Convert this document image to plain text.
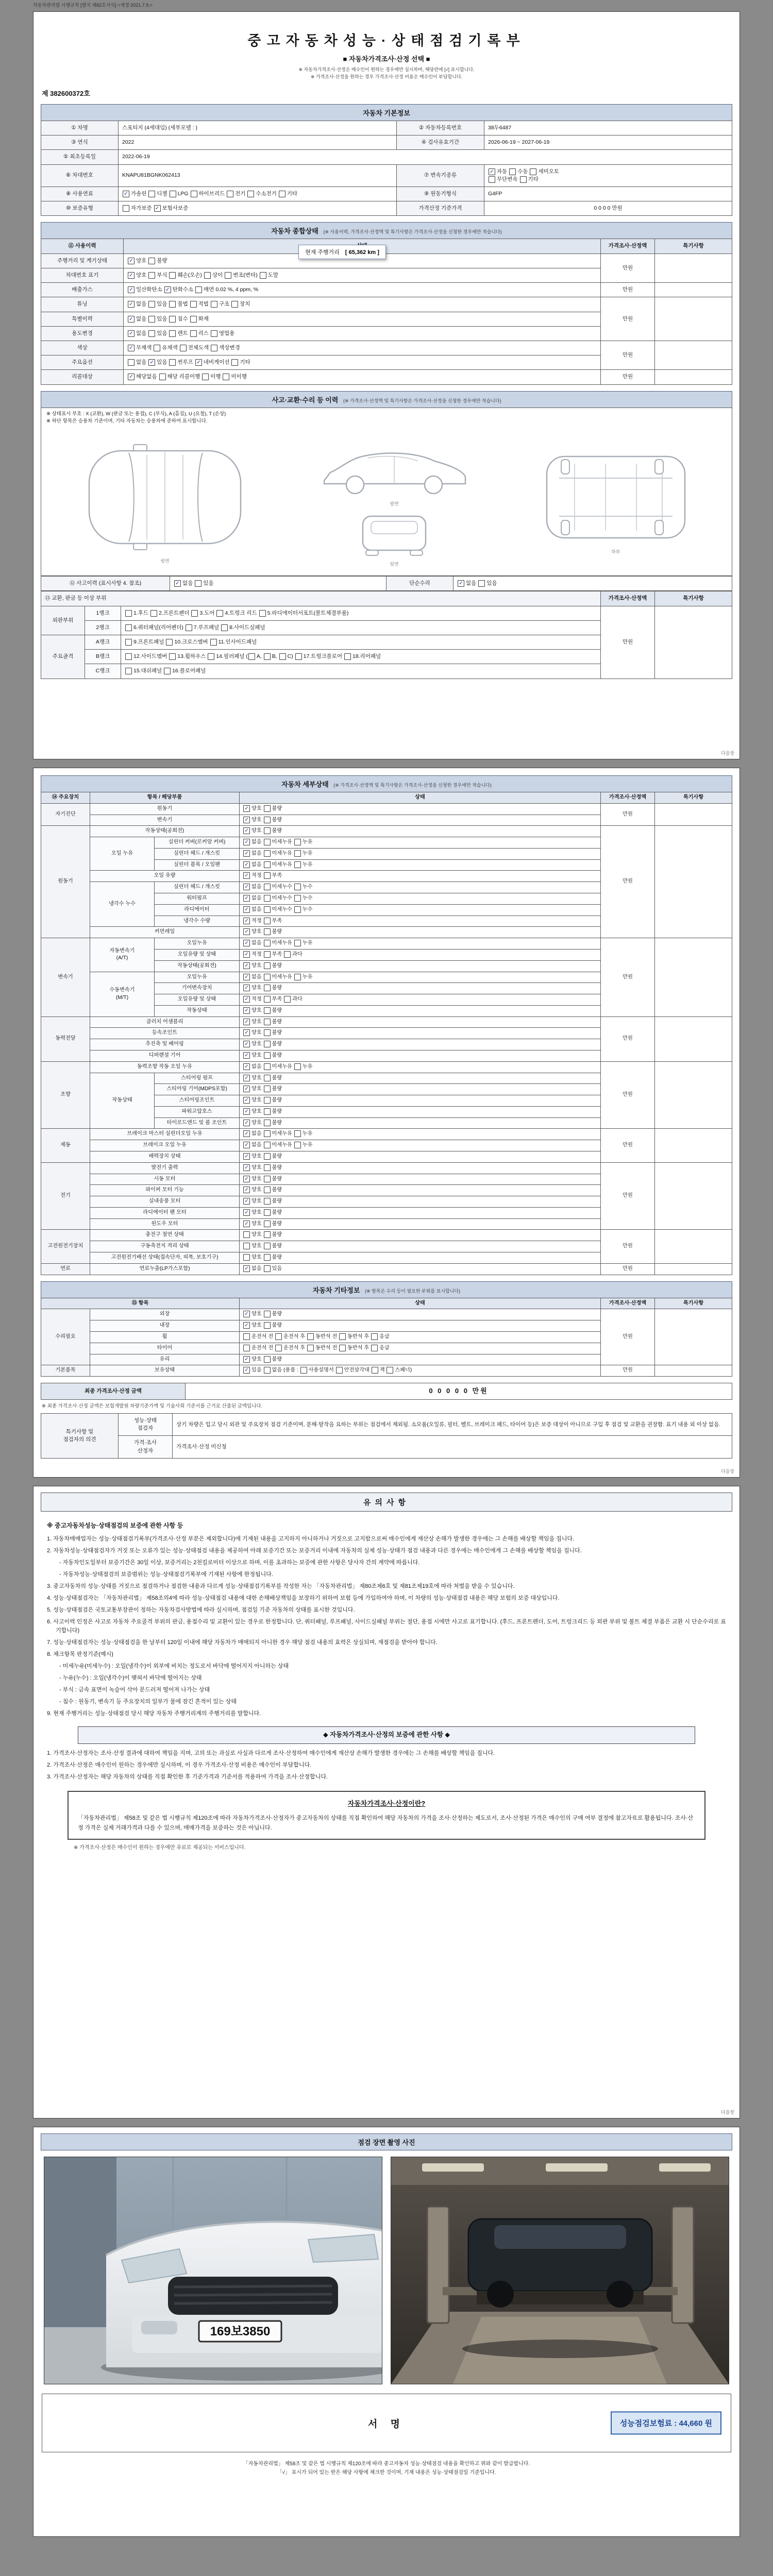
자동차관리법 시행규칙 [별지 제82호서식] <개정 2021.7.9.>
중고자동차성능·상태점검기록부
■ 자동차가격조사·산정 선택 ■
※ 자동차가격조사·산정은 매수인이 원하는 경우에만 실시하며, 해당란에 [√] 표시합니다.
※ 가격조사·산정을 원하는 경우 가격조사·산정 비용은 매수인이 부담합니다.
제 382600372호
자동차 기본정보
① 차명	스포티지 (4세대임) (세부모델 : )	② 자동차등록번호	38두6487
③ 연식	2022	④ 검사유효기간	2026-06-19 ~ 2027-06-19
⑤ 최초등록일	2022-06-19		
⑥ 차대번호	KNAPU81BGNK062413	⑦ 변속기종류	✓ 자동 수동 세미오토
무단변속 기타
⑧ 사용연료	✓ 가솔린 디젤 LPG 하이브리드 전기 수소전기 기타	⑨ 원동기형식	G4FP
⑩ 보증유형	자가보증 ✓ 보험사보증	가격산정 기준가격	0 0 0 0 만원
자동차 종합상태 (※ 사용이력, 가격조사·산정액 및 특기사항은 가격조사·산정을 신청한 경우에만 적습니다)
⑪ 사용이력		가격조사·산정액	특기사항
주행거리 및 계기상태	✓ 양호 불량	만원	
차대번호 표기	✓ 양호 부식 훼손(오손) 상이 변조(변타) 도말		
배출가스	✓ 일산화탄소 ✓ 탄화수소 매연 0.02 %, 4 ppm, %	만원	
튜닝	✓ 없음 있음 불법 적법 구조 장치	만원	
특별이력	✓ 없음 있음 침수 화재		
용도변경	✓ 없음 있음 렌트 리스 영업용		
색상	✓ 무채색 유채색 전체도색 색상변경	만원	
주요옵션	없음 ✓ 있음 썬루프 ✓ 네비게이션 기타		
리콜대상	✓ 해당없음 해당 리콜이행 이행 미이행	만원	
현재 주행거리 [ 65,362 km ]
사고·교환·수리 등 이력 (※ 가격조사·산정액 및 특기사항은 가격조사·산정을 신청한 경우에만 적습니다)
※ 상태표시 부호 : X (교환), W (판금 또는 용접), C (부식), A (흠집), U (요철), T (손상)
※ 하단 항목은 승용차 기준이며, 기타 자동차는 승용차에 준하여 표시합니다.
윗면
옆면
뒷면
하부
⑫ 사고이력 (표시사항 4. 참조)	✓ 없음 있음	단순수리	✓ 없음 있음
⑬ 교환, 판금 등 이상 부위			가격조사·산정액	특기사항
외판부위	1랭크	1.후드 2.프론트펜더 3.도어 4.트렁크 리드 5.라디에이터서포트(볼트체결부품)	만원	
	2랭크	6.쿼터패널(리어펜더) 7.루프패널 8.사이드실패널		
주요골격	A랭크	9.프론트패널 10.크로스멤버 11.인사이드패널		
	B랭크	12.사이드멤버 13.휠하우스 14.필러패널 ( A, B, C) 17.트렁크플로어 18.리어패널		
	C랭크	15.대쉬패널 16.플로어패널		
다음장
자동차 세부상태 (※ 가격조사·산정액 및 특기사항은 가격조사·산정을 신청한 경우에만 적습니다)
⑭ 주요장치	항목 / 해당부품		상태	가격조사·산정액	특기사항
자기진단	원동기		✓ 양호 불량	만원	
	변속기		✓ 양호 불량		
원동기	작동상태(공회전)		✓ 양호 불량	만원	
	오일 누유	실린더 커버(로커암 커버)	✓ 없음 미세누유 누유		
		실린더 헤드 / 개스킷	✓ 없음 미세누유 누유		
		실린더 블록 / 오일팬	✓ 없음 미세누유 누유		
	오일 유량		✓ 적정 부족		
	냉각수 누수	실린더 헤드 / 개스킷	✓ 없음 미세누수 누수		
		워터펌프	✓ 없음 미세누수 누수		
		라디에이터	✓ 없음 미세누수 누수		
		냉각수 수량	✓ 적정 부족		
	커먼레일		✓ 양호 불량		
변속기	자동변속기
(A/T)	오일누유	✓ 없음 미세누유 누유	만원	
		오일유량 및 상태	✓ 적정 부족 과다		
		작동상태(공회전)	✓ 양호 불량		
	수동변속기
(M/T)	오일누유	✓ 없음 미세누유 누유		
		기어변속장치	✓ 양호 불량		
		오일유량 및 상태	✓ 적정 부족 과다		
		작동상태	✓ 양호 불량		
동력전달	클러치 어셈블리		✓ 양호 불량	만원	
	등속조인트		✓ 양호 불량		
	추진축 및 베어링		✓ 양호 불량		
	디퍼렌셜 기어		✓ 양호 불량		
조향	동력조향 작동 오일 누유		✓ 없음 미세누유 누유	만원	
	작동상태	스티어링 펌프	✓ 양호 불량		
		스티어링 기어(MDPS포함)	✓ 양호 불량		
		스티어링조인트	✓ 양호 불량		
		파워고압호스	✓ 양호 불량		
		타이로드엔드 및 볼 조인트	✓ 양호 불량		
제동	브레이크 마스터 실린더오일 누유		✓ 없음 미세누유 누유	만원	
	브레이크 오일 누유		✓ 없음 미세누유 누유		
	배력장치 상태		✓ 양호 불량		
전기	발전기 출력		✓ 양호 불량	만원	
	시동 모터		✓ 양호 불량		
	와이퍼 모터 기능		✓ 양호 불량		
	실내송풍 모터		✓ 양호 불량		
	라디에이터 팬 모터		✓ 양호 불량		
	윈도우 모터		✓ 양호 불량		
고전원전기장치	충전구 절연 상태		양호 불량	만원	
	구동축전지 격리 상태		양호 불량		
	고전원전기배선 상태(접속단자, 피복, 보호기구)		양호 불량		
연료	연료누출(LP가스포함)		✓ 없음 있음	만원	
자동차 기타정보 (※ 항목은 수리 등이 필요한 부위를 표시합니다)
⑮ 항목		상태	가격조사·산정액	특기사항
수리필요	외장	✓ 양호 불량	만원	
	내장	✓ 양호 불량		
	휠	운전석 전 운전석 후 동반석 전 동반석 후 응급		
	타이어	운전석 전 운전석 후 동반석 전 동반석 후 응급		
	유리	✓ 양호 불량		
기본품목	보유상태	✓ 있음 없음 (용품 : 사용설명서 안전삼각대 잭 스패너)	만원	
최종 가격조사·산정 금액	0 0 0 0 0 만원
※ 최종 가격조사·산정 금액은 보험개발원 차량기준가액 및 기술사회 기준서를 근거로 산출된 금액입니다.
특기사항 및
점검자의 의견	성능·상태
점검자	상기 차량은 입고 당시 외관 및 주요장치 점검 기준이며, 분해·탈착을 요하는 부위는 점검에서 제외됨. 소모품(오일류, 필터, 벨트, 브레이크 패드, 타이어 등)은 보증 대상이 아니므로 구입 후 점검 및 교환을 권장함. 표기 내용 외 이상 없음.
	가격·조사
산정자	가격조사·산정 미신청
다음장
유의사항
※ 중고자동차성능·상태점검의 보증에 관한 사항 등
1. 자동차매매업자는 성능·상태점검기록부(가격조사·산정 부분은 제외합니다)에 기재된 내용을 고지하지 아니하거나 거짓으로 고지함으로써 매수인에게 재산상 손해가 발생한 경우에는 그 손해를 배상할 책임을 집니다.
2. 자동차성능·상태점검자가 거짓 또는 오류가 있는 성능·상태점검 내용을 제공하여 아래 보증기간 또는 보증거리 이내에 자동차의 실제 성능·상태가 점검 내용과 다른 경우에는 매수인에게 그 손해를 배상할 책임을 집니다.
- 자동차인도일부터 보증기간은 30일 이상, 보증거리는 2천킬로미터 이상으로 하며, 이를 초과하는 보증에 관한 사항은 당사자 간의 계약에 따릅니다.
- 자동차성능·상태점검의 보증범위는 성능·상태점검기록부에 기재된 사항에 한정됩니다.
3. 중고자동차의 성능·상태를 거짓으로 점검하거나 점검한 내용과 다르게 성능·상태점검기록부를 작성한 자는 「자동차관리법」 제80조제6호 및 제81조제19호에 따라 처벌을 받을 수 있습니다.
4. 성능·상태점검자는 「자동차관리법」 제58조의4에 따라 성능·상태점검 내용에 대한 손해배상책임을 보장하기 위하여 보험 등에 가입하여야 하며, 이 차량의 성능·상태점검 내용은 해당 보험의 보증 대상입니다.
5. 성능·상태점검은 국토교통부장관이 정하는 자동차검사방법에 따라 실시하며, 점검일 기준 자동차의 상태를 표시한 것입니다.
6. 사고이력 인정은 사고로 자동차 주요골격 부위의 판금, 용접수리 및 교환이 있는 경우로 한정합니다. 단, 쿼터패널, 루프패널, 사이드실패널 부위는 절단, 용접 시에만 사고로 표기합니다. (후드, 프론트펜더, 도어, 트렁크리드 등 외판 부위 및 볼트 체결 부품은 교환 시 단순수리로 표기합니다)
7. 성능·상태점검자는 성능·상태점검을 한 날부터 120일 이내에 해당 자동차가 매매되지 아니한 경우 해당 점검 내용의 효력은 상실되며, 재점검을 받아야 합니다.
8. 체크항목 판정기준(예시)
- 미세누유(미세누수) : 오일(냉각수)이 외부에 비치는 정도로서 바닥에 떨어지지 아니하는 상태
- 누유(누수) : 오일(냉각수)이 맺혀서 바닥에 떨어지는 상태
- 부식 : 금속 표면이 녹슬어 삭아 문드러져 떨어져 나가는 상태
- 침수 : 원동기, 변속기 등 주요장치의 일부가 물에 잠긴 흔적이 있는 상태
9. 현재 주행거리는 성능·상태점검 당시 해당 자동차 주행거리계의 주행거리를 말합니다.
◆ 자동차가격조사·산정의 보증에 관한 사항 ◆
1. 가격조사·산정자는 조사·산정 결과에 대하여 책임을 지며, 고의 또는 과실로 사실과 다르게 조사·산정하여 매수인에게 재산상 손해가 발생한 경우에는 그 손해를 배상할 책임을 집니다.
2. 가격조사·산정은 매수인이 원하는 경우에만 실시하며, 이 경우 가격조사·산정 비용은 매수인이 부담합니다.
3. 가격조사·산정자는 해당 자동차의 상태를 직접 확인한 후 기준가격과 기준서를 적용하여 가격을 조사·산정합니다.
자동차가격조사·산정이란?
「자동차관리법」 제58조 및 같은 법 시행규칙 제120조에 따라 자동차가격조사·산정자가 중고자동차의 상태를 직접 확인하여 해당 자동차의 가격을 조사·산정하는 제도로서, 조사·산정된 가격은 매수인의 구매 여부 결정에 참고자료로 활용됩니다. 조사·산정 가격은 실제 거래가격과 다를 수 있으며, 매매가격을 보증하는 것은 아닙니다.
※ 가격조사·산정은 매수인이 원하는 경우에만 유료로 제공되는 서비스입니다.
다음장
점검 장면 촬영 사진
169보3850
서 명	성능점검보험료 : 44,660 원
「자동차관리법」 제58조 및 같은 법 시행규칙 제120조에 따라 중고자동차 성능·상태점검 내용을 확인하고 위와 같이 발급합니다.
「√」 표시가 되어 있는 란은 해당 사항에 체크한 것이며, 기재 내용은 성능·상태점검일 기준입니다.
